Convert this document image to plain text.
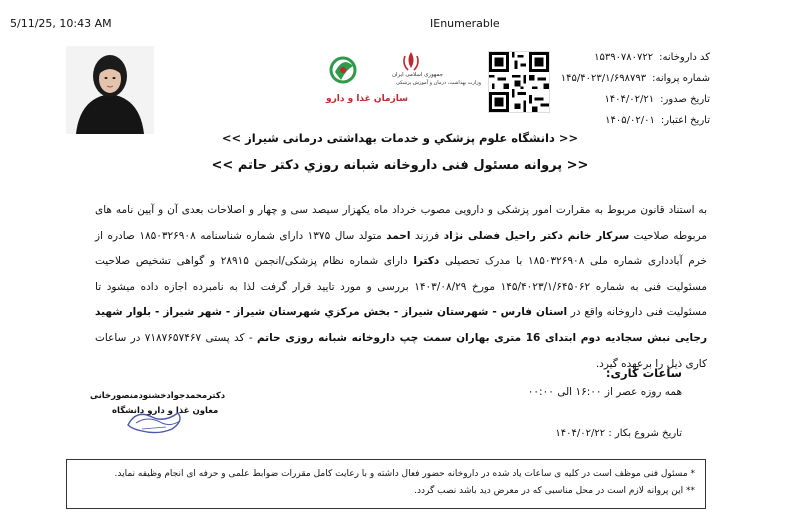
5/11/25, 10:43 AM	IEnumerable
جمهوری اسلامی ایران
وزارت بهداشت، درمان و آموزش پزشکی
سازمان غذا و دارو
کد داروخانه:
۱۵۳۹۰۷۸۰۷۲۲
شماره پروانه:
۱۴۵/۴۰۲۳/۱/۶۹۸۷۹۳
تاریخ صدور:
۱۴۰۴/۰۲/۲۱
تاریخ اعتبار:
۱۴۰۵/۰۲/۰۱
<< دانشگاه علوم پزشکي و خدمات بهداشتی درمانی شيراز >>
<< پروانه مسئول فنی داروخانه شبانه روزي دکتر حاتم >>
به استناد قانون مربوط به مقرارت امور پزشکی و دارویی مصوب خرداد ماه یکهزار سیصد سی و چهار و اصلاحات بعدی آن و آیین نامه های مربوطه صلاحیت سرکار خانم دکتر راحیل فضلی نژاد فرزند احمد متولد سال ۱۳۷۵ دارای شماره شناسنامه ۱۸۵۰۳۲۶۹۰۸ صادره از خرم آبادداری شماره ملی ۱۸۵۰۳۲۶۹۰۸ با مدرک تحصیلی دکترا دارای شماره نظام پزشکی/انجمن ۲۸۹۱۵ و گواهی تشخیص صلاحیت مسئولیت فنی به شماره ۱۴۵/۴۰۲۳/۱/۶۴۵۰۶۲ مورخ ۱۴۰۳/۰۸/۲۹ بررسی و مورد تایید قرار گرفت لذا به نامبرده اجازه داده میشود تا مسئولیت فنی داروخانه واقع در استان فارس - شهرستان شیراز - بخش مرکزي شهرستان شیراز - شهر شیراز - بلوار شهید رجایی نبش سجادیه دوم ابتدای 16 متری بهاران سمت چپ داروخانه شبانه روزی حاتم - کد پستی ۷۱۸۷۶۵۷۴۶۷ در ساعات کاری ذیل را برعهده گیرد.
ساعات کاری:
همه روزه عصر از ۱۶:۰۰ الی ۰۰:۰۰
تاریخ شروع بکار : ۱۴۰۴/۰۲/۲۲
دکترمحمدجوادخشنودمنصورخانی
معاون غذا و دارو دانشگاه
* مسئول فنی موظف است در کلیه ی ساعات یاد شده در داروخانه حضور فعال داشته و با رعایت کامل مقررات ضوابط علمی و حرفه ای انجام وظیفه نماید.
** این پروانه لازم است در محل مناسبی که در معرض دید باشد نصب گردد.
